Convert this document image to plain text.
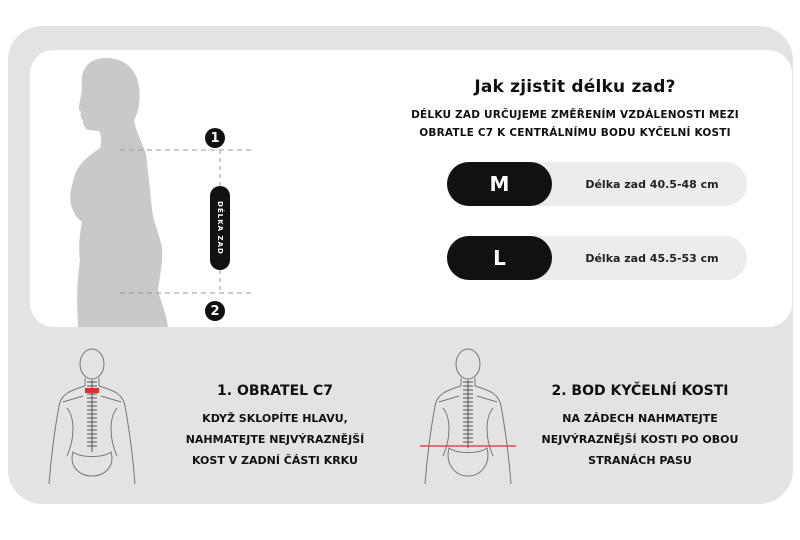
1
2
DÉLKA ZAD
Jak zjistit délku zad?
DÉLKU ZAD URČUJEME ZMĚŘENÍM VZDÁLENOSTI MEZI
OBRATLE C7 K CENTRÁLNÍMU BODU KYČELNÍ KOSTI
M	Délka zad 40.5-48 cm
L	Délka zad 45.5-53 cm
1. OBRATEL C7
KDYŽ SKLOPÍTE HLAVU,
NAHMATEJTE NEJVÝRAZNĚJŠÍ
KOST V ZADNÍ ČÁSTI KRKU
2. BOD KYČELNÍ KOSTI
NA ZÁDECH NAHMATEJTE
NEJVÝRAZNĚJŠÍ KOSTI PO OBOU
STRANÁCH PASU
